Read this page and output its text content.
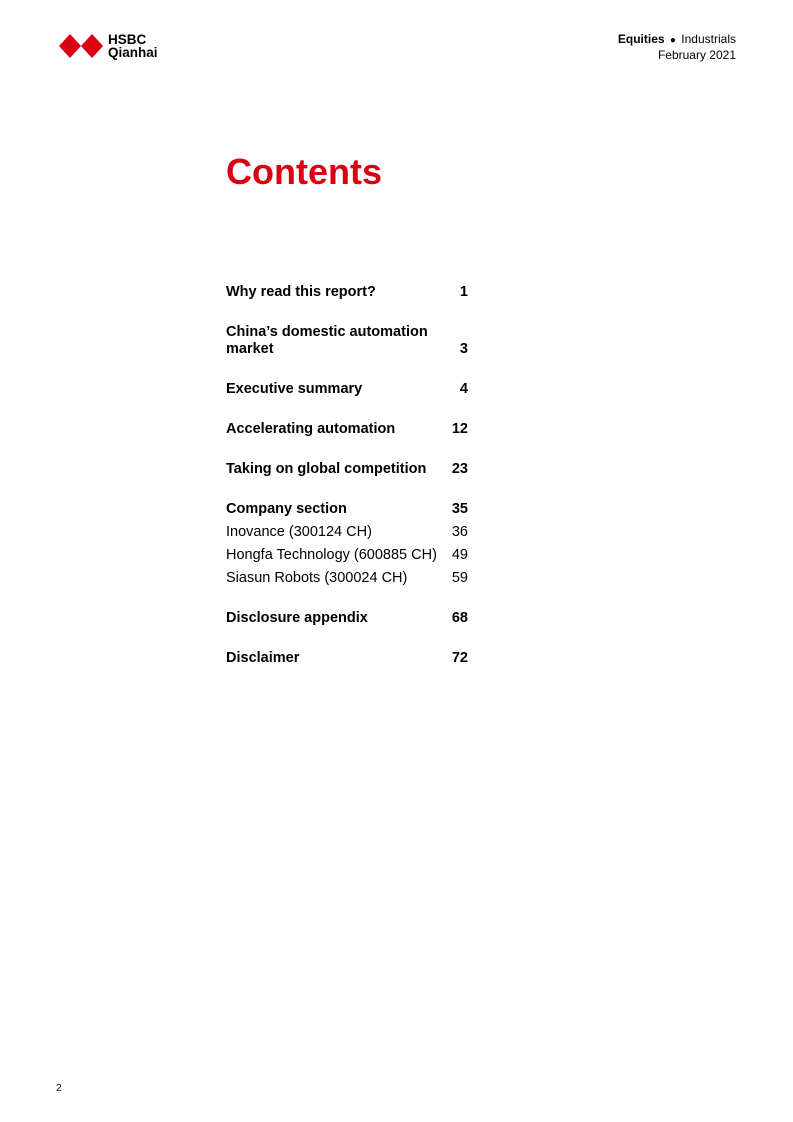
HSBC
Qianhai
Equities ● Industrials
February 2021
Contents
Why read this report?	1
China’s domestic automation market	3
Executive summary	4
Accelerating automation	12
Taking on global competition	23
Company section	35
Inovance (300124 CH)	36
Hongfa Technology (600885 CH)	49
Siasun Robots (300024 CH)	59
Disclosure appendix	68
Disclaimer	72
2
